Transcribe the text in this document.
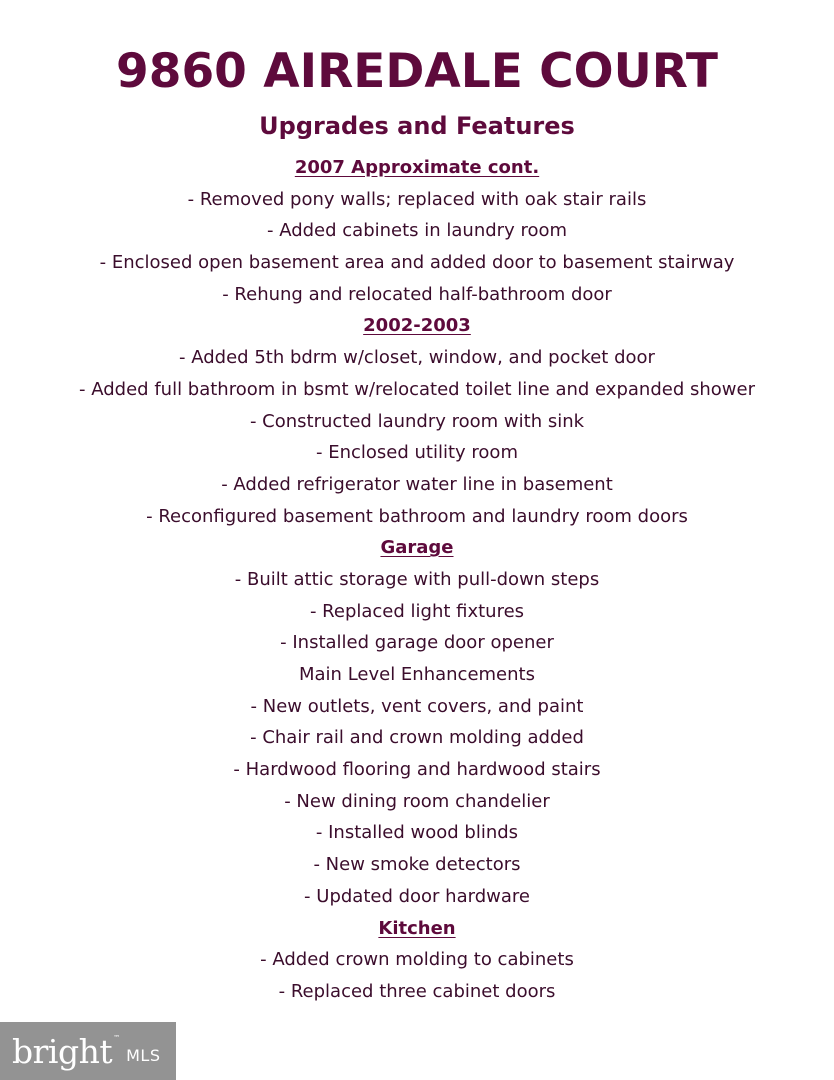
9860 AIREDALE COURT
Upgrades and Features
2007 Approximate cont.
- Removed pony walls; replaced with oak stair rails
- Added cabinets in laundry room
- Enclosed open basement area and added door to basement stairway
- Rehung and relocated half-bathroom door
2002-2003
- Added 5th bdrm w/closet, window, and pocket door
- Added full bathroom in bsmt w/relocated toilet line and expanded shower
- Constructed laundry room with sink
- Enclosed utility room
- Added refrigerator water line in basement
- Reconfigured basement bathroom and laundry room doors
Garage
- Built attic storage with pull-down steps
- Replaced light fixtures
- Installed garage door opener
Main Level Enhancements
- New outlets, vent covers, and paint
- Chair rail and crown molding added
- Hardwood flooring and hardwood stairs
- New dining room chandelier
- Installed wood blinds
- New smoke detectors
- Updated door hardware
Kitchen
- Added crown molding to cabinets
- Replaced three cabinet doors
bright ™
MLS
